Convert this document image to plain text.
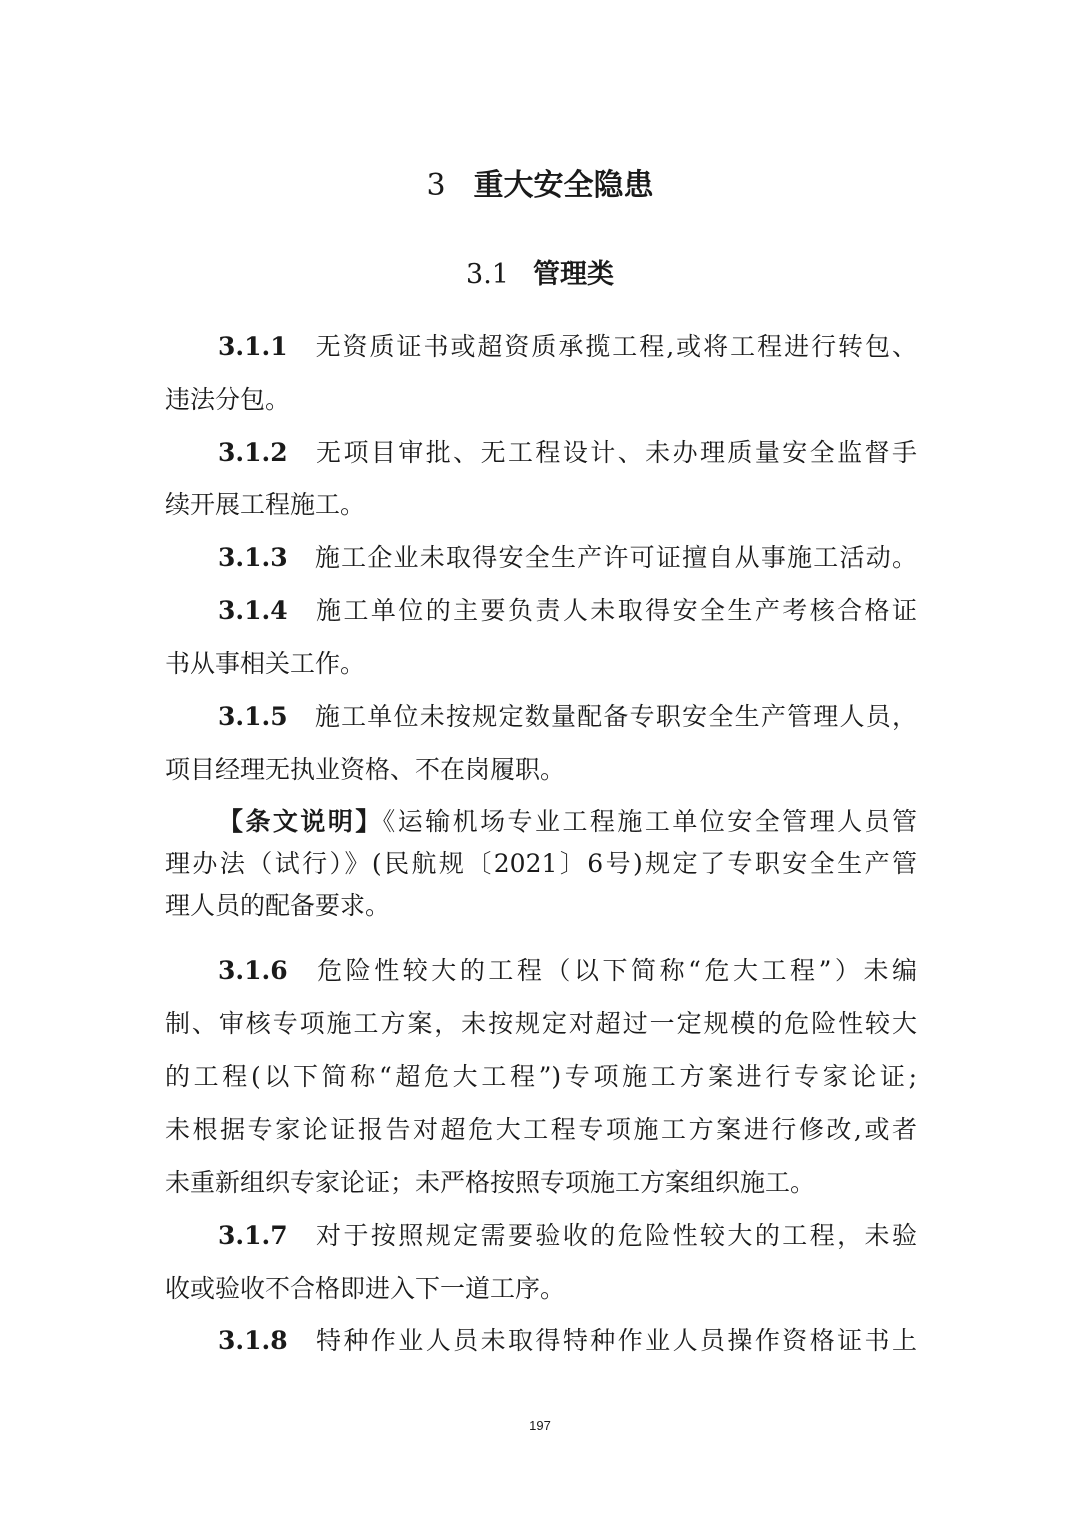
3 重大安全隐患
3.1 管理类
3.1.1 无资质证书或超资质承揽工程,或将工程进行转包、
违法分包。
3.1.2 无项目审批、无工程设计、未办理质量安全监督手
续开展工程施工。
3.1.3 施工企业未取得安全生产许可证擅自从事施工活动。
3.1.4 施工单位的主要负责人未取得安全生产考核合格证
书从事相关工作。
3.1.5 施工单位未按规定数量配备专职安全生产管理人员，
项目经理无执业资格、不在岗履职。
【条文说明】《运输机场专业工程施工单位安全管理人员管
理办法（试行）》(民航规〔2021〕6号)规定了专职安全生产管
理人员的配备要求。
3.1.6 危险性较大的工程（以下简称“危大工程”）未编
制、审核专项施工方案，未按规定对超过一定规模的危险性较大
的工程(以下简称“超危大工程”)专项施工方案进行专家论证;
未根据专家论证报告对超危大工程专项施工方案进行修改,或者
未重新组织专家论证；未严格按照专项施工方案组织施工。
3.1.7 对于按照规定需要验收的危险性较大的工程，未验
收或验收不合格即进入下一道工序。
3.1.8 特种作业人员未取得特种作业人员操作资格证书上
197
